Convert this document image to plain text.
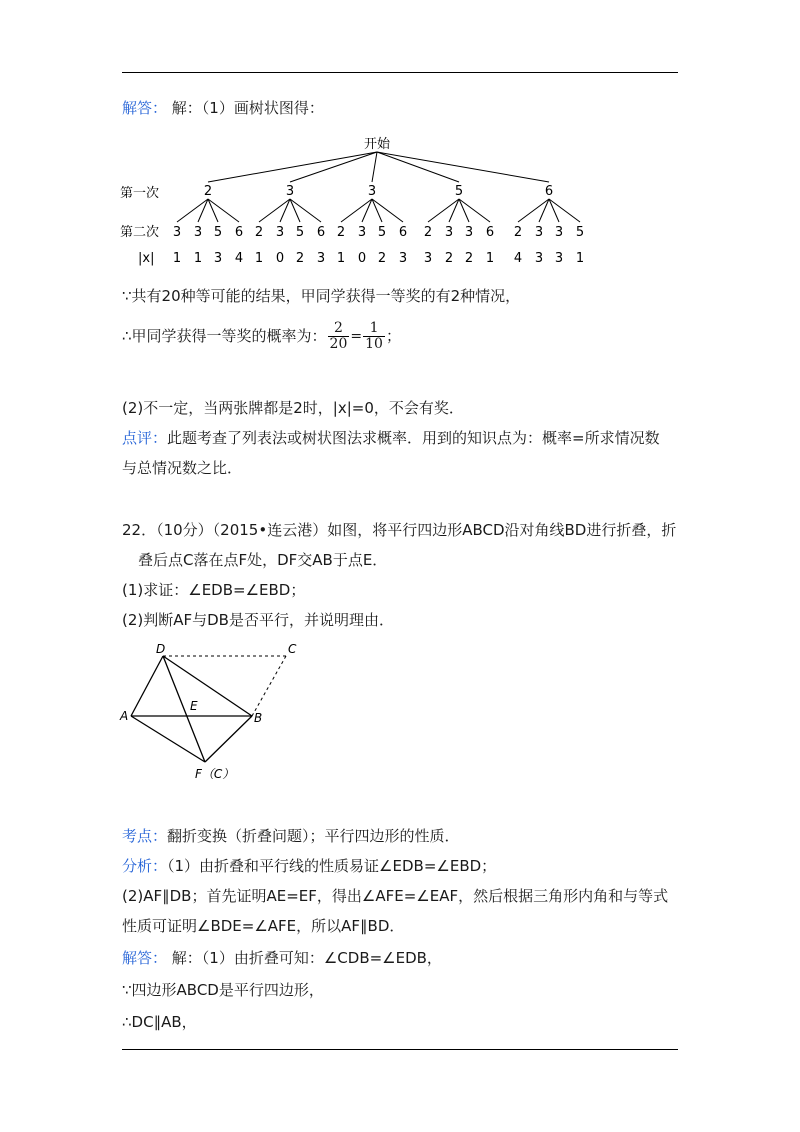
解答： 解：（1）画树状图得：
开始
第一次
第二次
|x|
2
3
1
3
1
5
3
6
4
3
2
1
3
0
5
2
6
3
3
2
1
3
0
5
2
6
3
5
2
3
3
2
3
2
6
1
6
2
4
3
3
3
3
5
1
∵共有20种等可能的结果，甲同学获得一等奖的有2种情况，
∴甲同学获得一等奖的概率为： $\frac{2}{20} = \frac{1}{10}$ ；
(2)不一定，当两张牌都是2时，|x|=0，不会有奖．
点评：此题考查了列表法或树状图法求概率．用到的知识点为：概率=所求情况数
与总情况数之比．
22．（10分）（2015•连云港）如图，将平行四边形ABCD沿对角线BD进行折叠，折
叠后点C落在点F处，DF交AB于点E．
(1)求证：∠EDB=∠EBD；
(2)判断AF与DB是否平行，并说明理由．
D	C
A
E
B
F（C）
考点：翻折变换（折叠问题）；平行四边形的性质．
分析：（1）由折叠和平行线的性质易证∠EDB=∠EBD；
(2)AF∥DB；首先证明AE=EF，得出∠AFE=∠EAF，然后根据三角形内角和与等式
性质可证明∠BDE=∠AFE，所以AF∥BD．
解答： 解：（1）由折叠可知：∠CDB=∠EDB，
∵四边形ABCD是平行四边形，
∴DC∥AB，
